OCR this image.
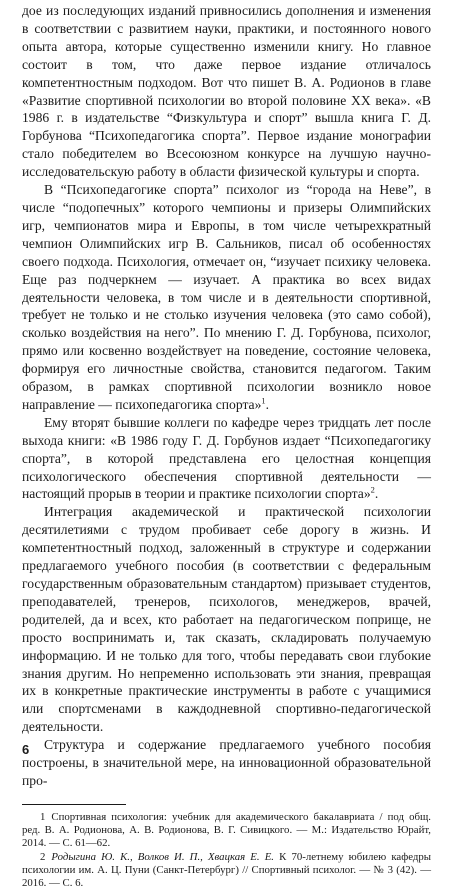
дое из последующих изданий привносились дополнения и изменения в соответствии с развитием науки, практики, и постоянного нового опыта автора, которые существенно изменили книгу. Но главное состоит в том, что даже первое издание отличалось компетентностным подходом. Вот что пишет В. А. Родионов в главе «Развитие спортивной психологии во второй половине XX века». «В 1986 г. в издательстве “Физкультура и спорт” вышла книга Г. Д. Горбунова “Психопедагогика спорта”. Первое издание монографии стало победителем во Всесоюзном конкурсе на лучшую научно-исследовательскую работу в области физической культуры и спорта.

В “Психопедагогике спорта” психолог из “города на Неве”, в числе “подопечных” которого чемпионы и призеры Олимпийских игр, чемпионатов мира и Европы, в том числе четырехкратный чемпион Олимпийских игр В. Сальников, писал об особенностях своего подхода. Психология, отмечает он, “изучает психику человека. Еще раз подчеркнем — изучает. А практика во всех видах деятельности человека, в том числе и в деятельности спортивной, требует не только и не столько изучения человека (это само собой), сколько воздействия на него”. По мнению Г. Д. Горбунова, психолог, прямо или косвенно воздействует на поведение, состояние человека, формируя его личностные свойства, становится педагогом. Таким образом, в рамках спортивной психологии возникло новое направление — психопедагогика спорта»$^1$.

Ему вторят бывшие коллеги по кафедре через тридцать лет после выхода книги: «В 1986 году Г. Д. Горбунов издает “Психопедагогику спорта”, в которой представлена его целостная концепция психологического обеспечения спортивной деятельности — настоящий прорыв в теории и практике психологии спорта»$^2$.

Интеграция академической и практической психологии десятилетиями с трудом пробивает себе дорогу в жизнь. И компетентностный подход, заложенный в структуре и содержании предлагаемого учебного пособия (в соответствии с федеральным государственным образовательным стандартом) призывает студентов, преподавателей, тренеров, психологов, менеджеров, врачей, родителей, да и всех, кто работает на педагогическом поприще, не просто воспринимать и, так сказать, складировать получаемую информацию. И не только для того, чтобы передавать свои глубокие знания другим. Но непременно использовать эти знания, превращая их в конкретные практические инструменты в работе с учащимися или спортсменами в каждодневной спортивно-педагогической деятельности.

Структура и содержание предлагаемого учебного пособия построены, в значительной мере, на инновационной образовательной про-

1 Спортивная психология: учебник для академического бакалавриата / под общ. ред. В. А. Родионова, А. В. Родионова, В. Г. Сивицкого. — М.: Издательство Юрайт, 2014. — С. 61—62.

2 Родыгина Ю. К., Волков И. П., Хвацкая Е. Е. К 70-летнему юбилею кафедры психологии им. А. Ц. Пуни (Санкт-Петербург) // Спортивный психолог. — № 3 (42). — 2016. — С. 6.

6
